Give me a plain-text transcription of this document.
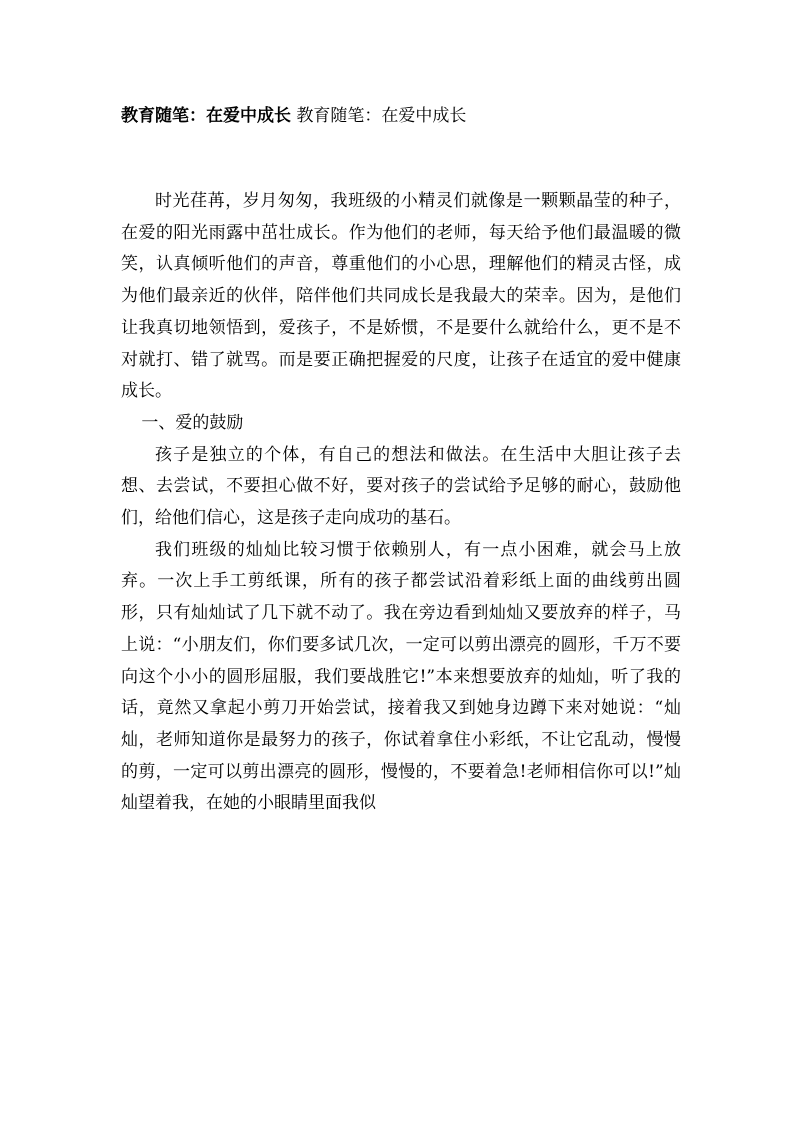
教育随笔：在爱中成长 教育随笔：在爱中成长

时光荏苒，岁月匆匆，我班级的小精灵们就像是一颗颗晶莹的种子，在爱的阳光雨露中茁壮成长。作为他们的老师，每天给予他们最温暖的微笑，认真倾听他们的声音，尊重他们的小心思，理解他们的精灵古怪，成为他们最亲近的伙伴，陪伴他们共同成长是我最大的荣幸。因为，是他们让我真切地领悟到，爱孩子，不是娇惯，不是要什么就给什么，更不是不对就打、错了就骂。而是要正确把握爱的尺度，让孩子在适宜的爱中健康成长。

一、爱的鼓励

孩子是独立的个体，有自己的想法和做法。在生活中大胆让孩子去想、去尝试，不要担心做不好，要对孩子的尝试给予足够的耐心，鼓励他们，给他们信心，这是孩子走向成功的基石。

我们班级的灿灿比较习惯于依赖别人，有一点小困难，就会马上放弃。一次上手工剪纸课，所有的孩子都尝试沿着彩纸上面的曲线剪出圆形，只有灿灿试了几下就不动了。我在旁边看到灿灿又要放弃的样子，马上说：“小朋友们，你们要多试几次，一定可以剪出漂亮的圆形，千万不要向这个小小的圆形屈服，我们要战胜它!”本来想要放弃的灿灿，听了我的话，竟然又拿起小剪刀开始尝试，接着我又到她身边蹲下来对她说：“灿灿，老师知道你是最努力的孩子，你试着拿住小彩纸，不让它乱动，慢慢的剪，一定可以剪出漂亮的圆形，慢慢的，不要着急!老师相信你可以!”灿灿望着我，在她的小眼睛里面我似
